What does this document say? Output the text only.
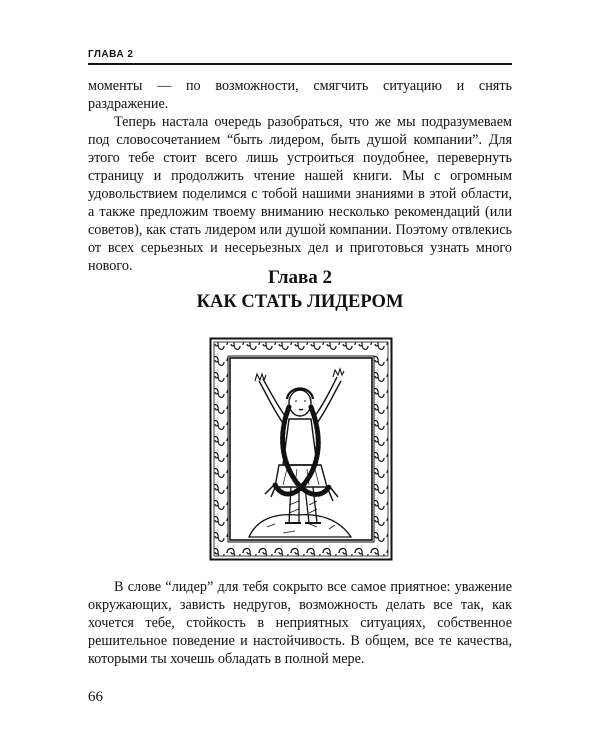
ГЛАВА 2

моменты — по возможности, смягчить ситуацию и снять раздражение.

Теперь настала очередь разобраться, что же мы подразумеваем под словосочетанием “быть лидером, быть душой компании”. Для этого тебе стоит всего лишь устроиться поудобнее, перевернуть страницу и продолжить чтение нашей книги. Мы с огромным удовольствием поделимся с тобой нашими знаниями в этой области, а также предложим твоему вниманию несколько рекомендаций (или советов), как стать лидером или душой компании. Поэтому отвлекись от всех серьезных и несерьезных дел и приготовься узнать много нового.

Глава 2
КАК СТАТЬ ЛИДЕРОМ

В слове “лидер” для тебя сокрыто все самое приятное: уважение окружающих, зависть недругов, возможность делать все так, как хочется тебе, стойкость в неприятных ситуациях, собственное решительное поведение и настойчивость. В общем, все те качества, которыми ты хочешь обладать в полной мере.

66
